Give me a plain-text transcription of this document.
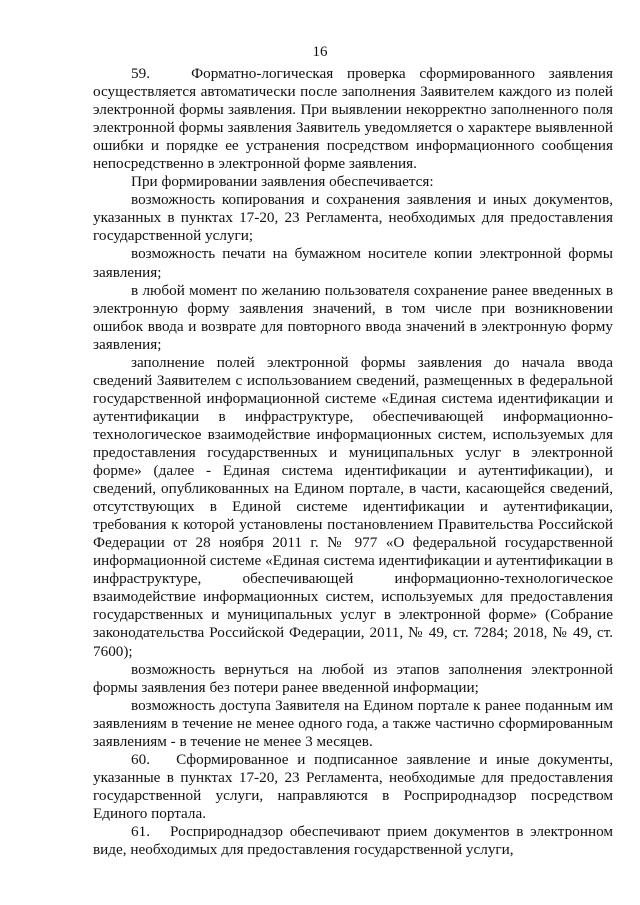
16

59.   Форматно-логическая проверка сформированного заявления осуществляется автоматически после заполнения Заявителем каждого из полей электронной формы заявления. При выявлении некорректно заполненного поля электронной формы заявления Заявитель уведомляется о характере выявленной ошибки и порядке ее устранения посредством информационного сообщения непосредственно в электронной форме заявления.

При формировании заявления обеспечивается:

возможность копирования и сохранения заявления и иных документов, указанных в пунктах 17-20, 23 Регламента, необходимых для предоставления государственной услуги;

возможность печати на бумажном носителе копии электронной формы заявления;

в любой момент по желанию пользователя сохранение ранее введенных в электронную форму заявления значений, в том числе при возникновении ошибок ввода и возврате для повторного ввода значений в электронную форму заявления;

заполнение полей электронной формы заявления до начала ввода сведений Заявителем с использованием сведений, размещенных в федеральной государственной информационной системе «Единая система идентификации и аутентификации в инфраструктуре, обеспечивающей информационно-технологическое взаимодействие информационных систем, используемых для предоставления государственных и муниципальных услуг в электронной форме» (далее - Единая система идентификации и аутентификации), и сведений, опубликованных на Едином портале, в части, касающейся сведений, отсутствующих в Единой системе идентификации и аутентификации, требования к которой установлены постановлением Правительства Российской Федерации от 28 ноября 2011 г. № 977 «О федеральной государственной информационной системе «Единая система идентификации и аутентификации в инфраструктуре, обеспечивающей информационно-технологическое взаимодействие информационных систем, используемых для предоставления государственных и муниципальных услуг в электронной форме» (Собрание законодательства Российской Федерации, 2011, № 49, ст. 7284; 2018, № 49, ст. 7600);

возможность вернуться на любой из этапов заполнения электронной формы заявления без потери ранее введенной информации;

возможность доступа Заявителя на Едином портале к ранее поданным им заявлениям в течение не менее одного года, а также частично сформированным заявлениям - в течение не менее 3 месяцев.

60.   Сформированное и подписанное заявление и иные документы, указанные в пунктах 17-20, 23 Регламента, необходимые для предоставления государственной услуги, направляются в Росприроднадзор посредством Единого портала.

61.   Росприроднадзор обеспечивают прием документов в электронном виде, необходимых для предоставления государственной услуги,
